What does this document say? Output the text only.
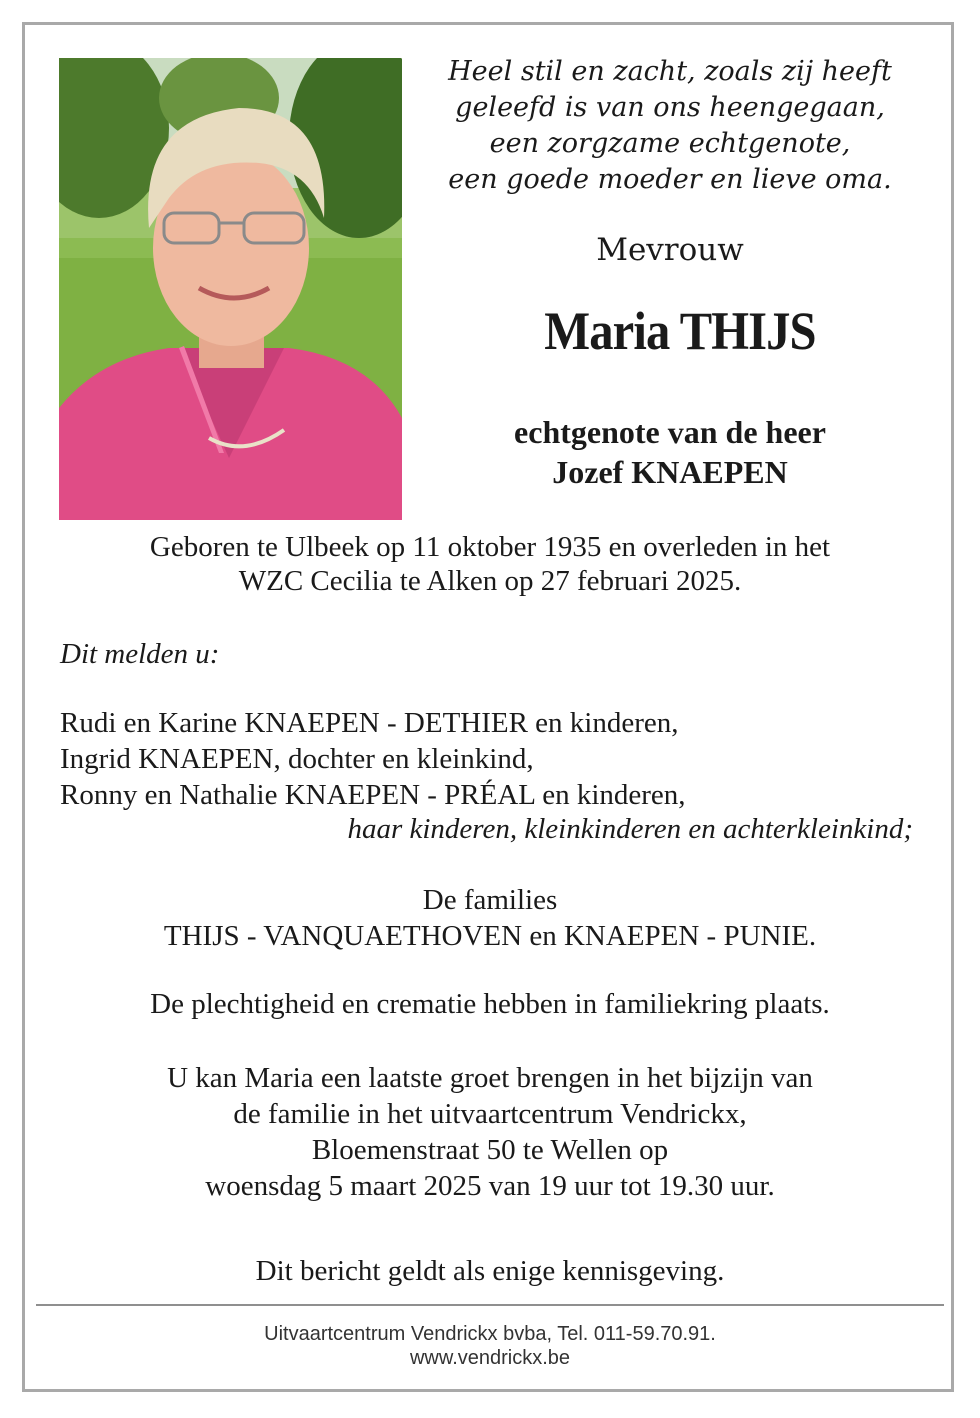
Heel stil en zacht, zoals zij heeft
geleefd is van ons heengegaan,
een zorgzame echtgenote,
een goede moeder en lieve oma.
Mevrouw
Maria THIJS
echtgenote van de heer
Jozef KNAEPEN
Geboren te Ulbeek op 11 oktober 1935 en overleden in het
WZC Cecilia te Alken op 27 februari 2025.
Dit melden u:
Rudi en Karine KNAEPEN - DETHIER en kinderen,
Ingrid KNAEPEN, dochter en kleinkind,
Ronny en Nathalie KNAEPEN - PRÉAL en kinderen,
haar kinderen, kleinkinderen en achterkleinkind;
De families
THIJS - VANQUAETHOVEN en KNAEPEN - PUNIE.
De plechtigheid en crematie hebben in familiekring plaats.
U kan Maria een laatste groet brengen in het bijzijn van
de familie in het uitvaartcentrum Vendrickx,
Bloemenstraat 50 te Wellen op
woensdag 5 maart 2025 van 19 uur tot 19.30 uur.
Dit bericht geldt als enige kennisgeving.
Uitvaartcentrum Vendrickx bvba, Tel. 011-59.70.91.
www.vendrickx.be
